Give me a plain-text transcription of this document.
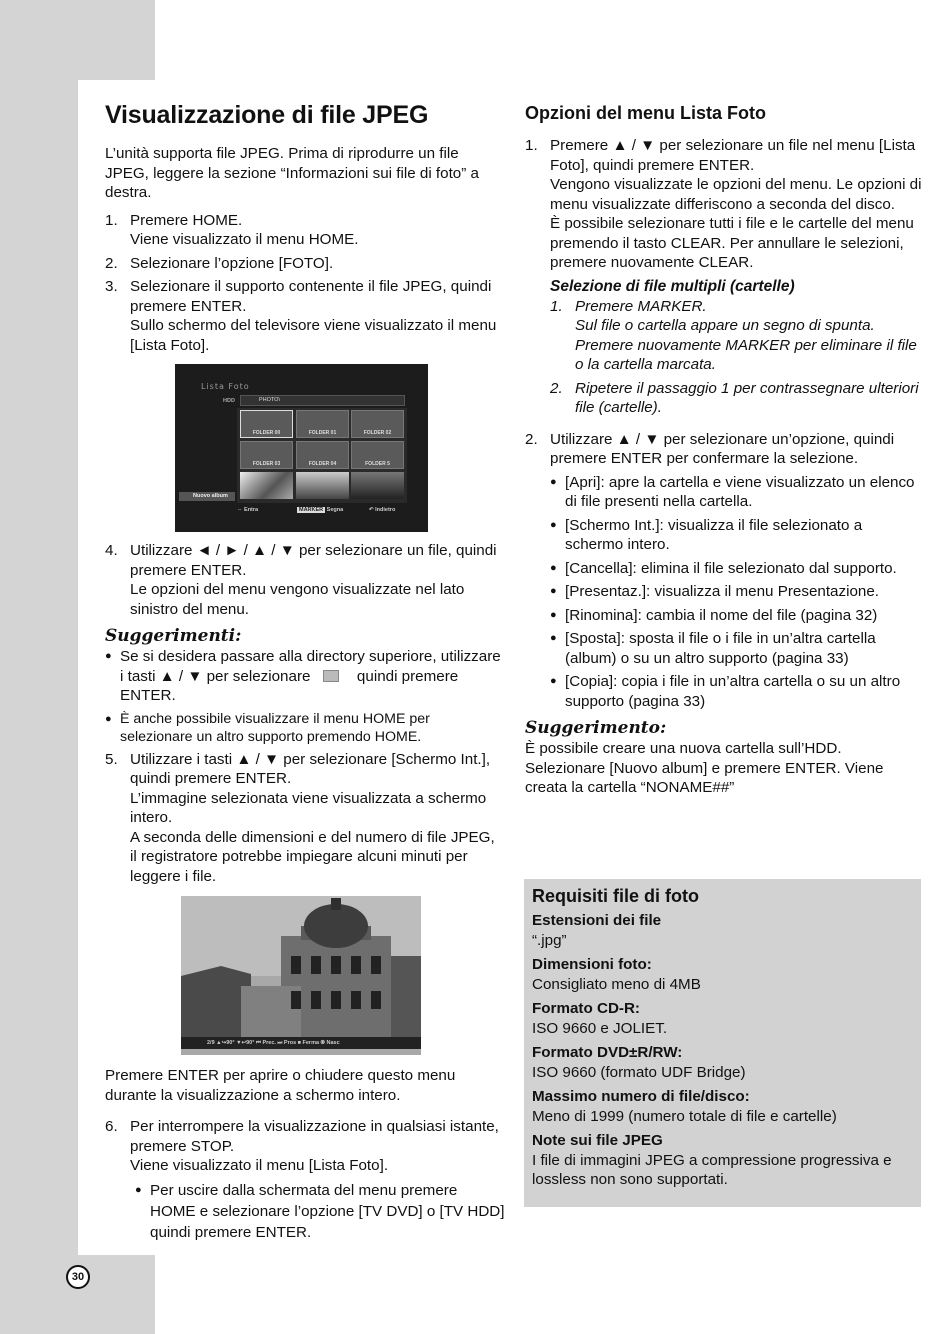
Visualizzazione di file JPEG

L’unità supporta file JPEG. Prima di riprodurre un file JPEG, leggere la sezione “Informazioni sui file di foto” a destra.

1. Premere HOME.
Viene visualizzato il menu HOME.
2. Selezionare l’opzione [FOTO].
3. Selezionare il supporto contenente il file JPEG, quindi premere ENTER.
Sullo schermo del televisore viene visualizzato il menu [Lista Foto].
4. Utilizzare ◄ / ► / ▲ / ▼ per selezionare un file, quindi premere ENTER.
Le opzioni del menu vengono visualizzate nel lato sinistro del menu.
Suggerimenti:
● Se si desidera passare alla directory superiore, utilizzare i tasti ▲ / ▼ per selezionare	quindi premere ENTER.
● È anche possibile visualizzare il menu HOME per selezionare un altro supporto premendo HOME.
5. Utilizzare i tasti ▲ / ▼ per selezionare [Schermo Int.], quindi premere ENTER.
L’immagine selezionata viene visualizzata a schermo intero.
A seconda delle dimensioni e del numero di file JPEG, il registratore potrebbe impiegare alcuni minuti per leggere i file.

Premere ENTER per aprire o chiudere questo menu durante la visualizzazione a schermo intero.

6. Per interrompere la visualizzazione in qualsiasi istante, premere STOP.
Viene visualizzato il menu [Lista Foto].
● Per uscire dalla schermata del menu premere HOME e selezionare l’opzione [TV DVD] o [TV HDD] quindi premere ENTER.
Lista Foto
HDD	PHOTO\
FOLDER 00	FOLDER 01	FOLDER 02
FOLDER 03	FOLDER 04	FOLDER 5
Nuovo album
⇔ Entra	MARKER Segna	↶ Indietro
2/9 ▲↪90° ▼↩90° ⏮ Prec. ⏭ Pros ■ Ferma ⦿ Nasc
Opzioni del menu Lista Foto
1. Premere ▲ / ▼ per selezionare un file nel menu [Lista Foto], quindi premere ENTER.
Vengono visualizzate le opzioni del menu. Le opzioni di menu visualizzate differiscono a seconda del disco.
È possibile selezionare tutti i file e le cartelle del menu premendo il tasto CLEAR. Per annullare le selezioni, premere nuovamente CLEAR.
Selezione di file multipli (cartelle)
1. Premere MARKER.
Sul file o cartella appare un segno di spunta. Premere nuovamente MARKER per eliminare il file o la cartella marcata.
2. Ripetere il passaggio 1 per contrassegnare ulteriori file (cartelle).
2. Utilizzare ▲ / ▼ per selezionare un’opzione, quindi premere ENTER per confermare la selezione.
● [Apri]: apre la cartella e viene visualizzato un elenco di file presenti nella cartella.
● [Schermo Int.]: visualizza il file selezionato a schermo intero.
● [Cancella]: elimina il file selezionato dal supporto.
● [Presentaz.]: visualizza il menu Presentazione.
● [Rinomina]: cambia il nome del file (pagina 32)
● [Sposta]: sposta il file o i file in un’altra cartella (album) o su un altro supporto (pagina 33)
● [Copia]: copia i file in un’altra cartella o su un altro supporto (pagina 33)
Suggerimento:

È possibile creare una nuova cartella sull’HDD. Selezionare [Nuovo album] e premere ENTER. Viene creata la cartella “NONAME##”

Requisiti file di foto
Estensioni dei file
“.jpg”
Dimensioni foto:
Consigliato meno di 4MB
Formato CD-R:
ISO 9660 e JOLIET.
Formato DVD±R/RW:
ISO 9660 (formato UDF Bridge)
Massimo numero di file/disco:
Meno di 1999 (numero totale di file e cartelle)
Note sui file JPEG
I file di immagini JPEG a compressione progressiva e lossless non sono supportati.
30
